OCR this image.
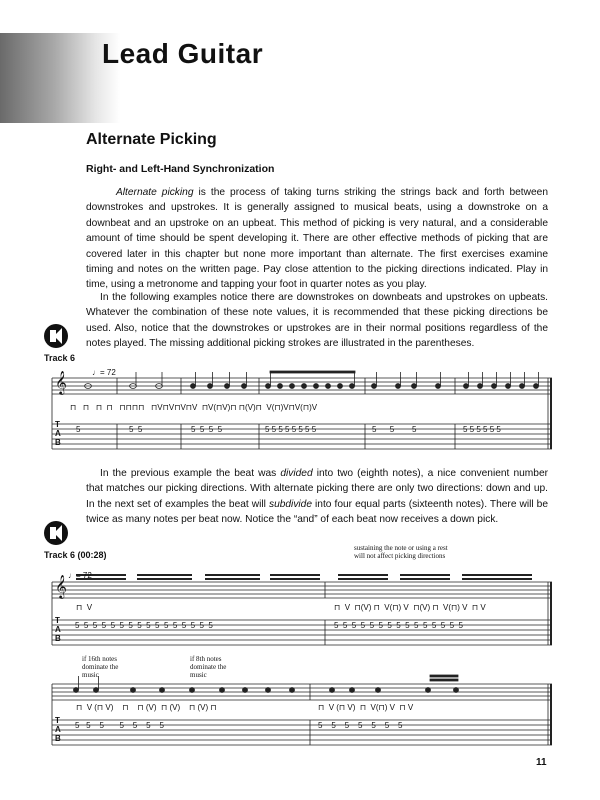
Lead Guitar
Alternate Picking
Right- and Left-Hand Synchronization

Alternate picking is the process of taking turns striking the strings back and forth between downstrokes and upstrokes. It is generally assigned to musical beats, using a downstroke on a downbeat and an upstroke on an upbeat. This method of picking is very natural, and a considerable amount of time should be spent developing it. There are other effective methods of picking that are covered later in this chapter but none more important than alternate. The first exercises examine timing and notes on the written page. Pay close attention to the picking directions indicated. Play in time, using a metronome and tapping your foot in quarter notes as you play.

In the following examples notice there are downstrokes on downbeats and upstrokes on upbeats. Whatever the combination of these note values, it is recommended that these picking directions be used. Also, notice that the downstrokes or upstrokes are in their normal positions regardless of the notes played. The missing additional picking strokes are illustrated in the parentheses.

Track 6
♩= 72
𝄞
⊓   ⊓   ⊓  ⊓   ⊓⊓⊓⊓   ⊓V⊓V⊓V⊓V  ⊓V(⊓V)⊓ ⊓(V)⊓  V(⊓)V⊓V(⊓)V
T
A
B
5	5  5	5  5  5  5	5 5 5 5 5 5 5 5	5      5        5	5 5 5 5 5 5

In the previous example the beat was divided into two (eighth notes), a nice convenient number that matches our picking directions. With alternate picking there are only two directions: down and up. In the next set of examples the beat will subdivide into four equal parts (sixteenth notes). There will be twice as many notes per beat now. Notice the “and” of each beat now receives a down pick.

Track 6 (00:28)
sustaining the note or using a rest will not affect picking directions
♩= 72
𝄞
⊓  V	⊓  V  ⊓(V) ⊓  V(⊓) V  ⊓(V) ⊓  V(⊓) V  ⊓ V
T
A
B
5  5  5  5  5  5  5  5  5  5  5  5  5  5  5  5	5  5  5  5  5  5  5  5  5  5  5  5  5  5  5
if 16th notes dominate the music
if 8th notes dominate the music
⊓  V (⊓ V)    ⊓    ⊓ (V)  ⊓ (V)    ⊓ (V) ⊓	⊓  V (⊓ V)  ⊓  V(⊓) V  ⊓ V
T
A
B
5   5    5       5    5    5    5	5    5    5    5    5    5    5
11
